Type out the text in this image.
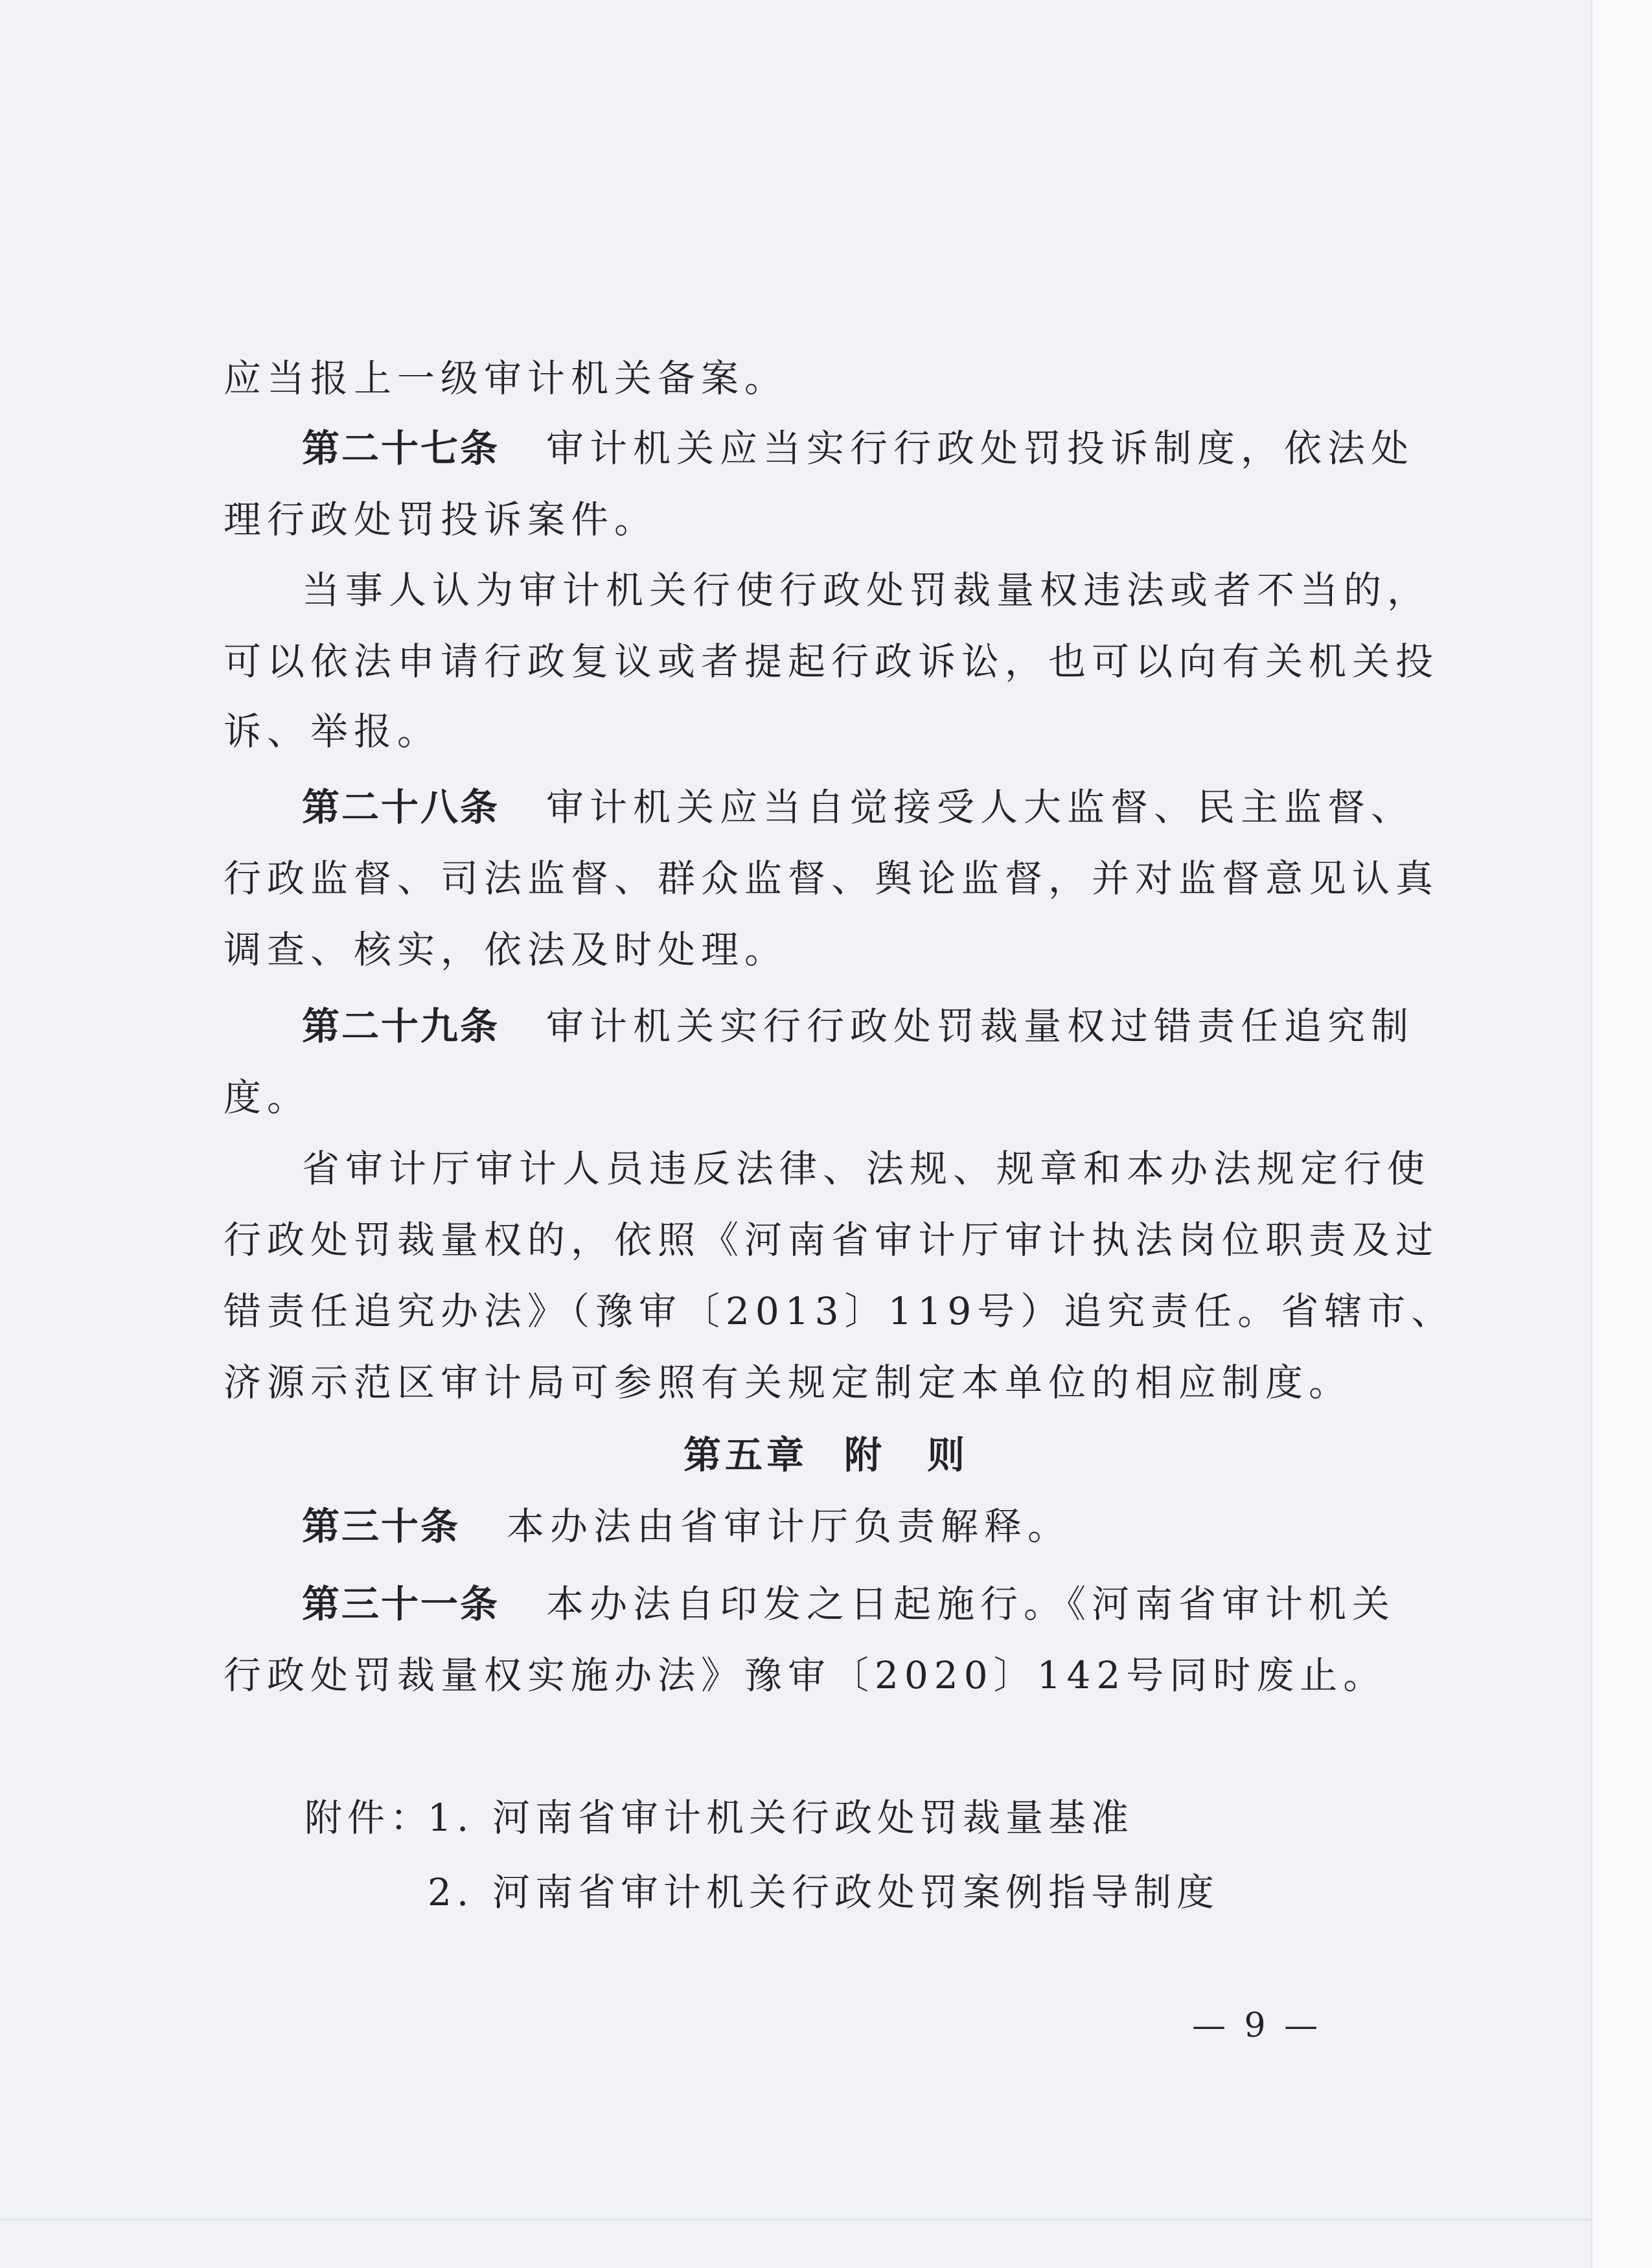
应当报上一级审计机关备案。
第二十七条 审计机关应当实行行政处罚投诉制度，依法处
理行政处罚投诉案件。
当事人认为审计机关行使行政处罚裁量权违法或者不当的，
可以依法申请行政复议或者提起行政诉讼，也可以向有关机关投
诉、举报。
第二十八条 审计机关应当自觉接受人大监督、民主监督、
行政监督、司法监督、群众监督、舆论监督，并对监督意见认真
调查、核实，依法及时处理。
第二十九条 审计机关实行行政处罚裁量权过错责任追究制
度。
省审计厅审计人员违反法律、法规、规章和本办法规定行使
行政处罚裁量权的，依照《河南省审计厅审计执法岗位职责及过
错责任追究办法》（豫审〔2013〕119号）追究责任。省辖市、
济源示范区审计局可参照有关规定制定本单位的相应制度。
第五章 附　则
第三十条 本办法由省审计厅负责解释。
第三十一条 本办法自印发之日起施行。《河南省审计机关
行政处罚裁量权实施办法》豫审〔2020〕142号同时废止。
附件：
1. 河南省审计机关行政处罚裁量基准
2. 河南省审计机关行政处罚案例指导制度
— 9 —
